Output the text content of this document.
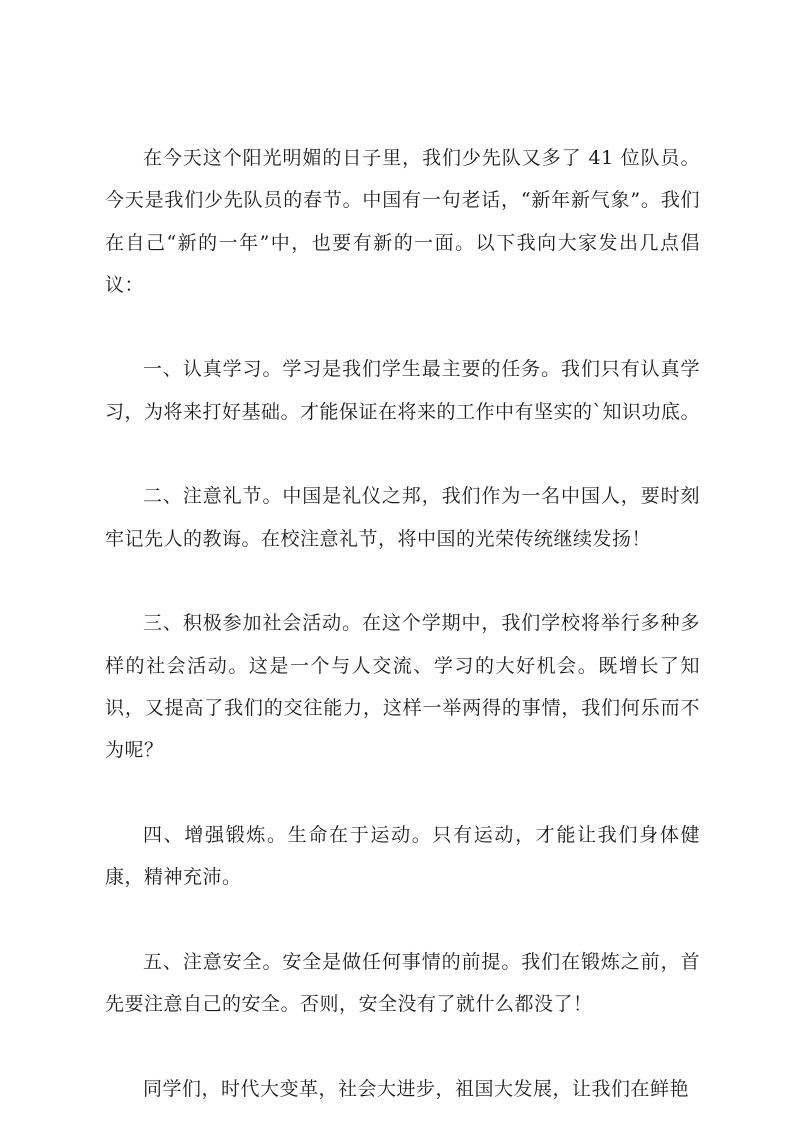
在今天这个阳光明媚的日子里，我们少先队又多了 41 位队员。今天是我们少先队员的春节。中国有一句老话，“新年新气象”。我们在自己“新的一年”中，也要有新的一面。以下我向大家发出几点倡议：

一、认真学习。学习是我们学生最主要的任务。我们只有认真学习，为将来打好基础。才能保证在将来的工作中有坚实的`知识功底。

二、注意礼节。中国是礼仪之邦，我们作为一名中国人，要时刻牢记先人的教诲。在校注意礼节，将中国的光荣传统继续发扬！

三、积极参加社会活动。在这个学期中，我们学校将举行多种多样的社会活动。这是一个与人交流、学习的大好机会。既增长了知识，又提高了我们的交往能力，这样一举两得的事情，我们何乐而不为呢？

四、增强锻炼。生命在于运动。只有运动，才能让我们身体健康，精神充沛。

五、注意安全。安全是做任何事情的前提。我们在锻炼之前，首先要注意自己的安全。否则，安全没有了就什么都没了！

同学们，时代大变革，社会大进步，祖国大发展，让我们在鲜艳
